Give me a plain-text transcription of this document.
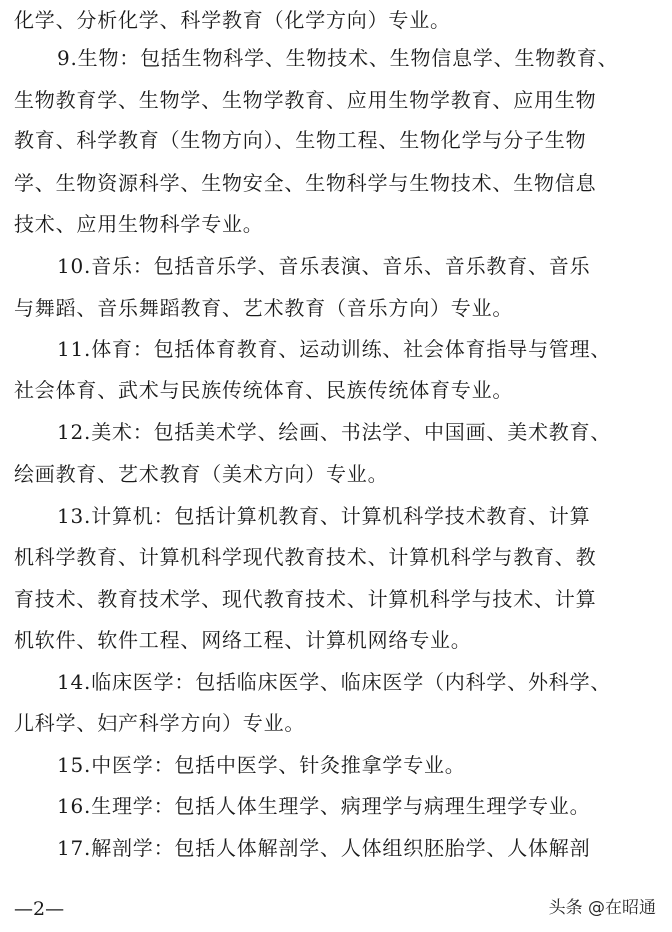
化学、分析化学、科学教育（化学方向）专业。
9.生物：包括生物科学、生物技术、生物信息学、生物教育、
生物教育学、生物学、生物学教育、应用生物学教育、应用生物
教育、科学教育（生物方向）、生物工程、生物化学与分子生物
学、生物资源科学、生物安全、生物科学与生物技术、生物信息
技术、应用生物科学专业。
10.音乐：包括音乐学、音乐表演、音乐、音乐教育、音乐
与舞蹈、音乐舞蹈教育、艺术教育（音乐方向）专业。
11.体育：包括体育教育、运动训练、社会体育指导与管理、
社会体育、武术与民族传统体育、民族传统体育专业。
12.美术：包括美术学、绘画、书法学、中国画、美术教育、
绘画教育、艺术教育（美术方向）专业。
13.计算机：包括计算机教育、计算机科学技术教育、计算
机科学教育、计算机科学现代教育技术、计算机科学与教育、教
育技术、教育技术学、现代教育技术、计算机科学与技术、计算
机软件、软件工程、网络工程、计算机网络专业。
14.临床医学：包括临床医学、临床医学（内科学、外科学、
儿科学、妇产科学方向）专业。
15.中医学：包括中医学、针灸推拿学专业。
16.生理学：包括人体生理学、病理学与病理生理学专业。
17.解剖学：包括人体解剖学、人体组织胚胎学、人体解剖
—2—	头条 @在昭通
